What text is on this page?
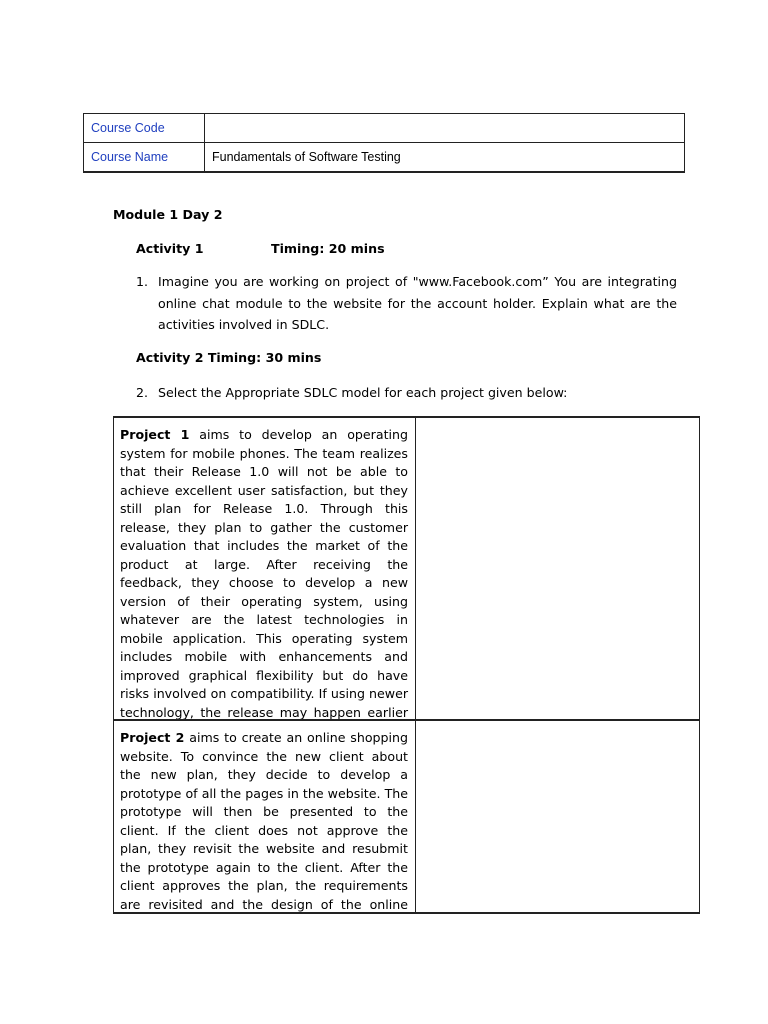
Course Code	
Course Name	Fundamentals of Software Testing
Module 1 Day 2
Activity 1	Timing: 20 mins
1. Imagine you are working on project of "www.Facebook.com” You are integrating online chat module to the website for the account holder. Explain what are the activities involved in SDLC.
Activity 2 Timing: 30 mins
2. Select the Appropriate SDLC model for each project given below:

Project 1 aims to develop an operating system for mobile phones. The team realizes that their Release 1.0 will not be able to achieve excellent user satisfaction, but they still plan for Release 1.0. Through this release, they plan to gather the customer evaluation that includes the market of the product at large. After receiving the feedback, they choose to develop a new version of their operating system, using whatever are the latest technologies in mobile application. This operating system includes mobile with enhancements and improved graphical flexibility but do have risks involved on compatibility. If using newer technology, the release may happen earlier

Project 2 aims to create an online shopping website. To convince the new client about the new plan, they decide to develop a prototype of all the pages in the website. The prototype will then be presented to the client. If the client does not approve the plan, they revisit the website and resubmit the prototype again to the client. After the client approves the plan, the requirements are revisited and the design of the online
